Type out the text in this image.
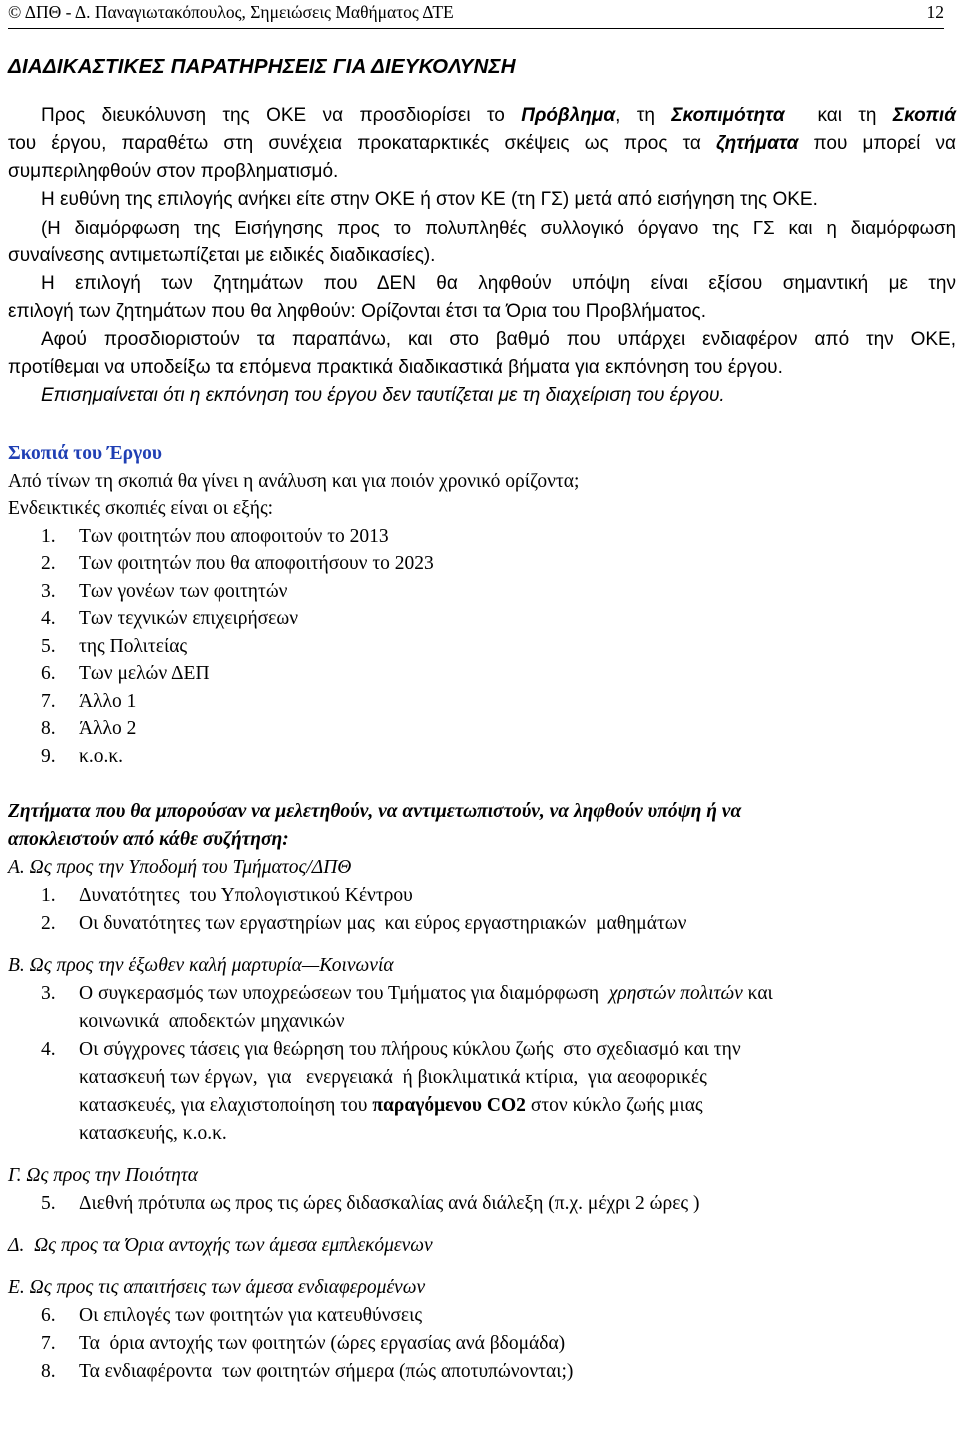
© ΔΠΘ - Δ. Παναγιωτακόπουλος, Σημειώσεις Μαθήματος ΔΤΕ	12
ΔΙΑΔΙΚΑΣΤΙΚΕΣ ΠΑΡΑΤΗΡΗΣΕΙΣ ΓΙΑ ΔΙΕΥΚΟΛΥΝΣΗ

Προς διευκόλυνση της ΟΚΕ να προσδιορίσει το Πρόβλημα, τη Σκοπιμότητα  και τη Σκοπιά

του έργου, παραθέτω στη συνέχεια προκαταρκτικές σκέψεις ως προς τα ζητήματα που μπορεί να

συμπεριληφθούν στον προβληματισμό.

Η ευθύνη της επιλογής ανήκει είτε στην ΟΚΕ ή στον ΚΕ (τη ΓΣ) μετά από εισήγηση της ΟΚΕ.

(Η διαμόρφωση της Εισήγησης προς το πολυπληθές συλλογικό όργανο της ΓΣ και η διαμόρφωση

συναίνεσης αντιμετωπίζεται με ειδικές διαδικασίες).

Η επιλογή των ζητημάτων που ΔΕΝ θα ληφθούν υπόψη είναι εξίσου σημαντική με την

επιλογή των ζητημάτων που θα ληφθούν: Ορίζονται έτσι τα Όρια του Προβλήματος.

Αφού προσδιοριστούν τα παραπάνω, και στο βαθμό που υπάρχει ενδιαφέρον από την ΟΚΕ,

προτίθεμαι να υποδείξω τα επόμενα πρακτικά διαδικαστικά βήματα για εκπόνηση του έργου.

Επισημαίνεται ότι η εκπόνηση του έργου δεν ταυτίζεται με τη διαχείριση του έργου.

Σκοπιά του Έργου

Από τίνων τη σκοπιά θα γίνει η ανάλυση και για ποιόν χρονικό ορίζοντα;

Ενδεικτικές σκοπιές είναι οι εξής:

1. Των φοιτητών που αποφοιτούν το 2013
2. Των φοιτητών που θα αποφοιτήσουν το 2023
3. Των γονέων των φοιτητών
4. Των τεχνικών επιχειρήσεων
5. της Πολιτείας
6. Των μελών ΔΕΠ
7. Άλλο 1
8. Άλλο 2
9. κ.ο.κ.

Ζητήματα που θα μπορούσαν να μελετηθούν, να αντιμετωπιστούν, να ληφθούν υπόψη ή να

αποκλειστούν από κάθε συζήτηση:

Α. Ως προς την Υποδομή του Τμήματος/ΔΠΘ

1. Δυνατότητες  του Υπολογιστικού Κέντρου
2. Οι δυνατότητες των εργαστηρίων μας  και εύρος εργαστηριακών  μαθημάτων

Β. Ως προς την έξωθεν καλή μαρτυρία—Κοινωνία

3. Ο συγκερασμός των υποχρεώσεων του Τμήματος για διαμόρφωση  χρηστών πολιτών και
κοινωνικά  αποδεκτών μηχανικών
4. Οι σύγχρονες τάσεις για θεώρηση του πλήρους κύκλου ζωής  στο σχεδιασμό και την
κατασκευή των έργων,  για   ενεργειακά  ή βιοκλιματικά κτίρια,  για αεοφορικές
κατασκευές, για ελαχιστοποίηση του παραγόμενου CO2 στον κύκλο ζωής μιας
κατασκευής, κ.ο.κ.

Γ. Ως προς την Ποιότητα

5. Διεθνή πρότυπα ως προς τις ώρες διδασκαλίας ανά διάλεξη (π.χ. μέχρι 2 ώρες )

Δ.  Ως προς τα Όρια αντοχής των άμεσα εμπλεκόμενων

Ε. Ως προς τις απαιτήσεις των άμεσα ενδιαφερομένων

6. Οι επιλογές των φοιτητών για κατευθύνσεις
7. Τα  όρια αντοχής των φοιτητών (ώρες εργασίας ανά βδομάδα)
8. Τα ενδιαφέροντα  των φοιτητών σήμερα (πώς αποτυπώνονται;)
